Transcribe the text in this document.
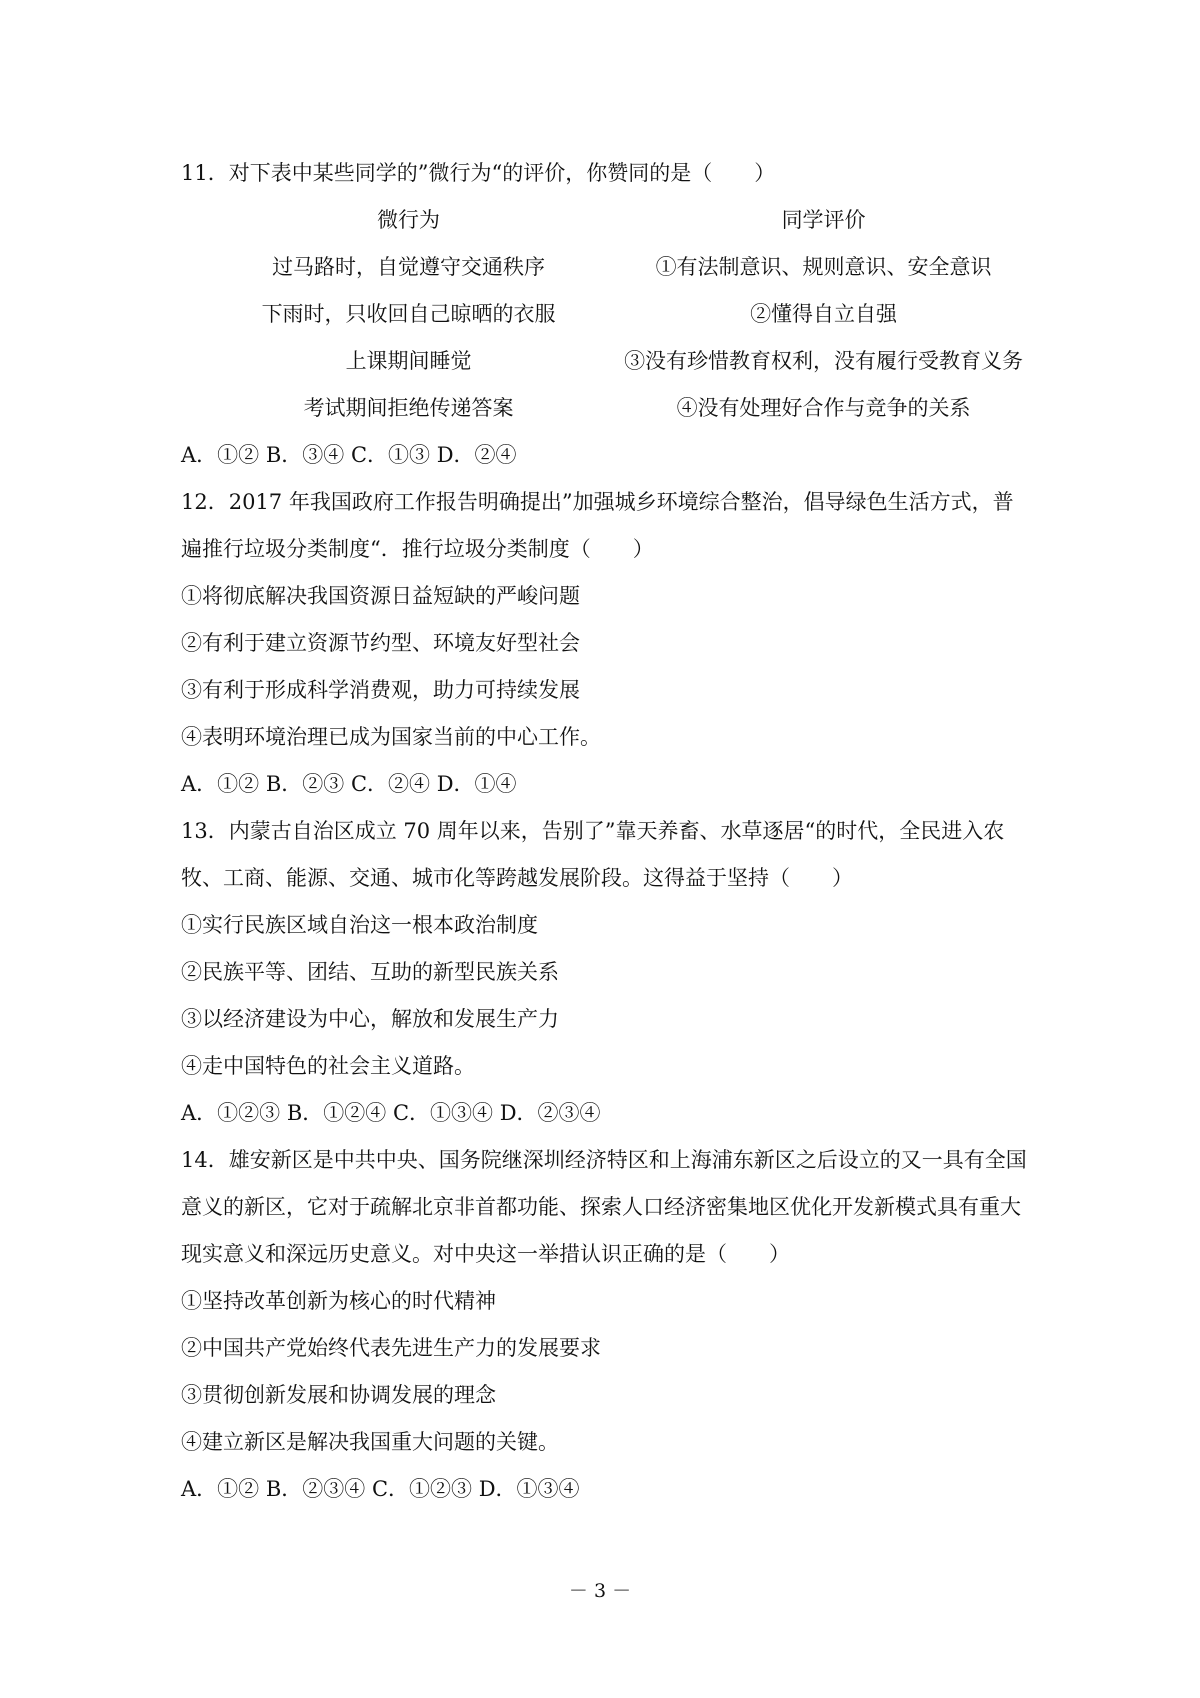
11．对下表中某些同学的”微行为“的评价，你赞同的是（　　）
微行为	同学评价
过马路时，自觉遵守交通秩序	①有法制意识、规则意识、安全意识
下雨时，只收回自己晾晒的衣服	②懂得自立自强
上课期间睡觉	③没有珍惜教育权利，没有履行受教育义务
考试期间拒绝传递答案	④没有处理好合作与竞争的关系
A．①② B．③④ C．①③ D．②④
12．2017 年我国政府工作报告明确提出”加强城乡环境综合整治，倡导绿色生活方式，普
遍推行垃圾分类制度“．推行垃圾分类制度（　　）
①将彻底解决我国资源日益短缺的严峻问题
②有利于建立资源节约型、环境友好型社会
③有利于形成科学消费观，助力可持续发展
④表明环境治理已成为国家当前的中心工作。
A．①② B．②③ C．②④ D．①④
13．内蒙古自治区成立 70 周年以来，告别了”靠天养畜、水草逐居“的时代，全民进入农
牧、工商、能源、交通、城市化等跨越发展阶段。这得益于坚持（　　）
①实行民族区域自治这一根本政治制度
②民族平等、团结、互助的新型民族关系
③以经济建设为中心，解放和发展生产力
④走中国特色的社会主义道路。
A．①②③ B．①②④ C．①③④ D．②③④
14．雄安新区是中共中央、国务院继深圳经济特区和上海浦东新区之后设立的又一具有全国
意义的新区，它对于疏解北京非首都功能、探索人口经济密集地区优化开发新模式具有重大
现实意义和深远历史意义。对中央这一举措认识正确的是（　　）
①坚持改革创新为核心的时代精神
②中国共产党始终代表先进生产力的发展要求
③贯彻创新发展和协调发展的理念
④建立新区是解决我国重大问题的关键。
A．①② B．②③④ C．①②③ D．①③④
－ 3 －
